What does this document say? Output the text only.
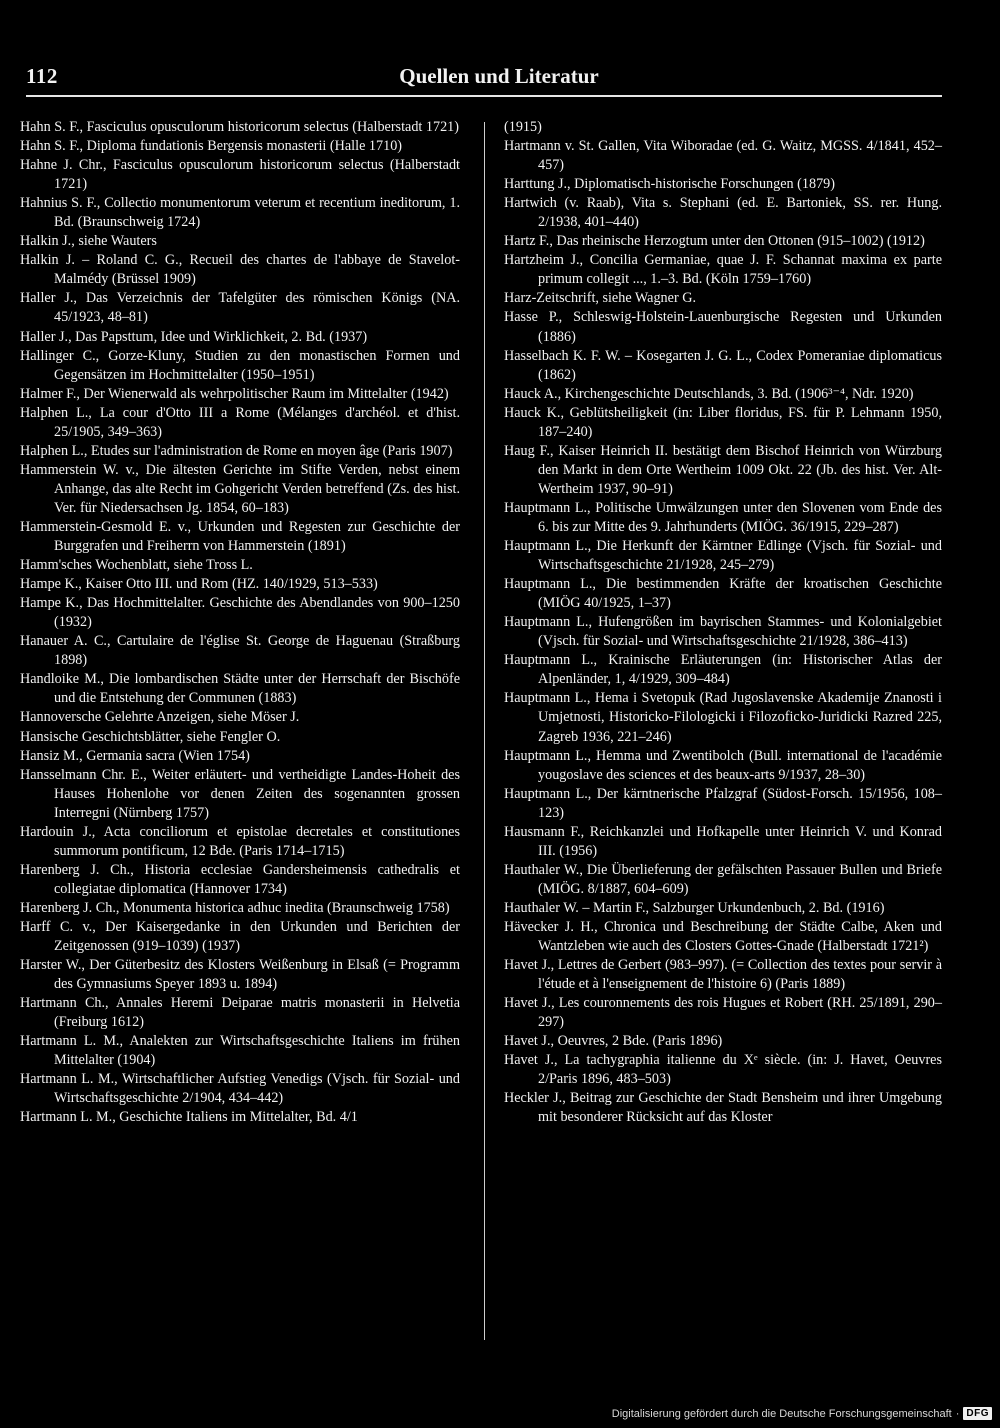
112	Quellen und Literatur

Hahn S. F., Fasciculus opusculorum historicorum selectus (Halberstadt 1721)

Hahn S. F., Diploma fundationis Bergensis monasterii (Halle 1710)

Hahne J. Chr., Fasciculus opusculorum historicorum selectus (Halberstadt 1721)

Hahnius S. F., Collectio monumentorum veterum et recentium ineditorum, 1. Bd. (Braunschweig 1724)

Halkin J., siehe Wauters

Halkin J. – Roland C. G., Recueil des chartes de l'abbaye de Stavelot-Malmédy (Brüssel 1909)

Haller J., Das Verzeichnis der Tafelgüter des römischen Königs (NA. 45/1923, 48–81)

Haller J., Das Papsttum, Idee und Wirklichkeit, 2. Bd. (1937)

Hallinger C., Gorze-Kluny, Studien zu den monastischen Formen und Gegensätzen im Hochmittelalter (1950–1951)

Halmer F., Der Wienerwald als wehrpolitischer Raum im Mittelalter (1942)

Halphen L., La cour d'Otto III a Rome (Mélanges d'archéol. et d'hist. 25/1905, 349–363)

Halphen L., Etudes sur l'administration de Rome en moyen âge (Paris 1907)

Hammerstein W. v., Die ältesten Gerichte im Stifte Verden, nebst einem Anhange, das alte Recht im Gohgericht Verden betreffend (Zs. des hist. Ver. für Niedersachsen Jg. 1854, 60–183)

Hammerstein-Gesmold E. v., Urkunden und Regesten zur Geschichte der Burggrafen und Freiherrn von Hammerstein (1891)

Hamm'sches Wochenblatt, siehe Tross L.

Hampe K., Kaiser Otto III. und Rom (HZ. 140/1929, 513–533)

Hampe K., Das Hochmittelalter. Geschichte des Abendlandes von 900–1250 (1932)

Hanauer A. C., Cartulaire de l'église St. George de Haguenau (Straßburg 1898)

Handloike M., Die lombardischen Städte unter der Herrschaft der Bischöfe und die Entstehung der Communen (1883)

Hannoversche Gelehrte Anzeigen, siehe Möser J.

Hansische Geschichtsblätter, siehe Fengler O.

Hansiz M., Germania sacra (Wien 1754)

Hansselmann Chr. E., Weiter erläutert- und vertheidigte Landes-Hoheit des Hauses Hohenlohe vor denen Zeiten des sogenannten grossen Interregni (Nürnberg 1757)

Hardouin J., Acta conciliorum et epistolae decretales et constitutiones summorum pontificum, 12 Bde. (Paris 1714–1715)

Harenberg J. Ch., Historia ecclesiae Gandersheimensis cathedralis et collegiatae diplomatica (Hannover 1734)

Harenberg J. Ch., Monumenta historica adhuc inedita (Braunschweig 1758)

Harff C. v., Der Kaisergedanke in den Urkunden und Berichten der Zeitgenossen (919–1039) (1937)

Harster W., Der Güterbesitz des Klosters Weißenburg in Elsaß (= Programm des Gymnasiums Speyer 1893 u. 1894)

Hartmann Ch., Annales Heremi Deiparae matris monasterii in Helvetia (Freiburg 1612)

Hartmann L. M., Analekten zur Wirtschaftsgeschichte Italiens im frühen Mittelalter (1904)

Hartmann L. M., Wirtschaftlicher Aufstieg Venedigs (Vjsch. für Sozial- und Wirtschaftsgeschichte 2/1904, 434–442)

Hartmann L. M., Geschichte Italiens im Mittelalter, Bd. 4/1

(1915)

Hartmann v. St. Gallen, Vita Wiboradae (ed. G. Waitz, MGSS. 4/1841, 452–457)

Harttung J., Diplomatisch-historische Forschungen (1879)

Hartwich (v. Raab), Vita s. Stephani (ed. E. Bartoniek, SS. rer. Hung. 2/1938, 401–440)

Hartz F., Das rheinische Herzogtum unter den Ottonen (915–1002) (1912)

Hartzheim J., Concilia Germaniae, quae J. F. Schannat maxima ex parte primum collegit ..., 1.–3. Bd. (Köln 1759–1760)

Harz-Zeitschrift, siehe Wagner G.

Hasse P., Schleswig-Holstein-Lauenburgische Regesten und Urkunden (1886)

Hasselbach K. F. W. – Kosegarten J. G. L., Codex Pomeraniae diplomaticus (1862)

Hauck A., Kirchengeschichte Deutschlands, 3. Bd. (1906³⁻⁴, Ndr. 1920)

Hauck K., Geblütsheiligkeit (in: Liber floridus, FS. für P. Lehmann 1950, 187–240)

Haug F., Kaiser Heinrich II. bestätigt dem Bischof Heinrich von Würzburg den Markt in dem Orte Wertheim 1009 Okt. 22 (Jb. des hist. Ver. Alt-Wertheim 1937, 90–91)

Hauptmann L., Politische Umwälzungen unter den Slovenen vom Ende des 6. bis zur Mitte des 9. Jahrhunderts (MIÖG. 36/1915, 229–287)

Hauptmann L., Die Herkunft der Kärntner Edlinge (Vjsch. für Sozial- und Wirtschaftsgeschichte 21/1928, 245–279)

Hauptmann L., Die bestimmenden Kräfte der kroatischen Geschichte (MIÖG 40/1925, 1–37)

Hauptmann L., Hufengrößen im bayrischen Stammes- und Kolonialgebiet (Vjsch. für Sozial- und Wirtschaftsgeschichte 21/1928, 386–413)

Hauptmann L., Krainische Erläuterungen (in: Historischer Atlas der Alpenländer, 1, 4/1929, 309–484)

Hauptmann L., Hema i Svetopuk (Rad Jugoslavenske Akademije Znanosti i Umjetnosti, Historicko-Filologicki i Filozoficko-Juridicki Razred 225, Zagreb 1936, 221–246)

Hauptmann L., Hemma und Zwentibolch (Bull. international de l'académie yougoslave des sciences et des beaux-arts 9/1937, 28–30)

Hauptmann L., Der kärntnerische Pfalzgraf (Südost-Forsch. 15/1956, 108–123)

Hausmann F., Reichkanzlei und Hofkapelle unter Heinrich V. und Konrad III. (1956)

Hauthaler W., Die Überlieferung der gefälschten Passauer Bullen und Briefe (MIÖG. 8/1887, 604–609)

Hauthaler W. – Martin F., Salzburger Urkundenbuch, 2. Bd. (1916)

Hävecker J. H., Chronica und Beschreibung der Städte Calbe, Aken und Wantzleben wie auch des Closters Gottes-Gnade (Halberstadt 1721²)

Havet J., Lettres de Gerbert (983–997). (= Collection des textes pour servir à l'étude et à l'enseignement de l'histoire 6) (Paris 1889)

Havet J., Les couronnements des rois Hugues et Robert (RH. 25/1891, 290–297)

Havet J., Oeuvres, 2 Bde. (Paris 1896)

Havet J., La tachygraphia italienne du Xᵉ siècle. (in: J. Havet, Oeuvres 2/Paris 1896, 483–503)

Heckler J., Beitrag zur Geschichte der Stadt Bensheim und ihrer Umgebung mit besonderer Rücksicht auf das Kloster

Digitalisierung gefördert durch die Deutsche Forschungsgemeinschaft · DFG
